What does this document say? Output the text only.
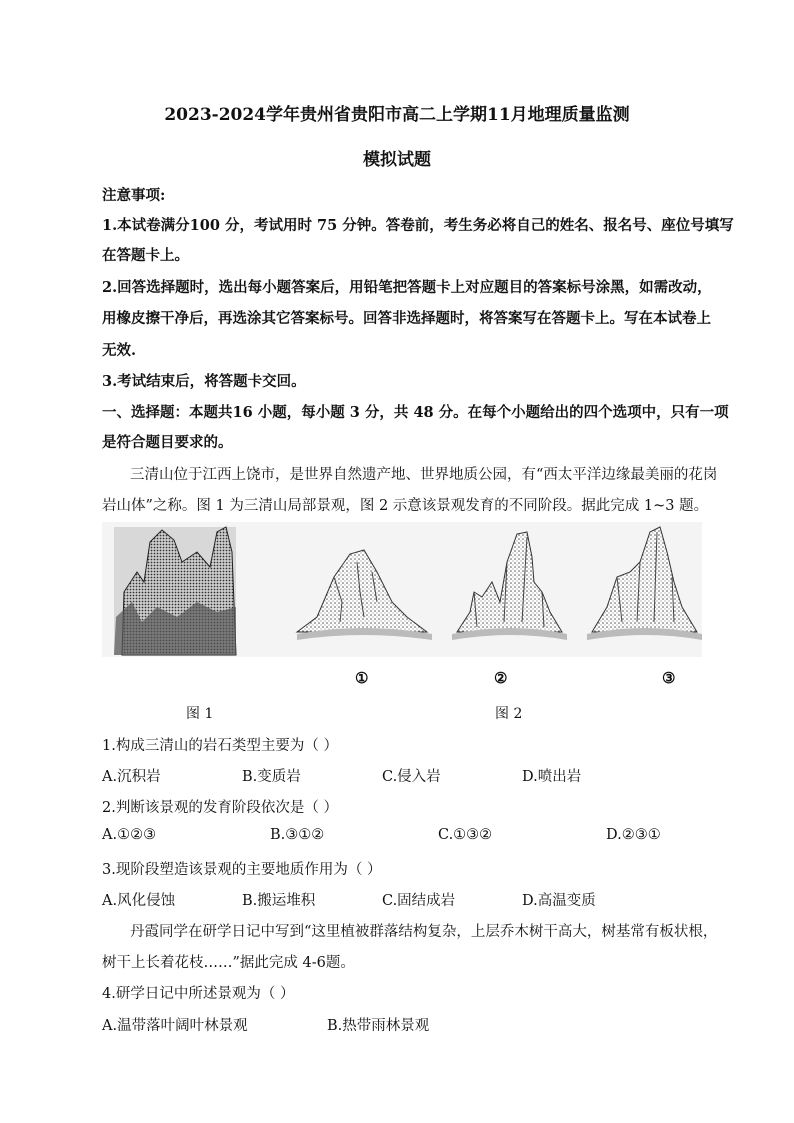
2023-2024学年贵州省贵阳市高二上学期11月地理质量监测
模拟试题
注意事项:
1.本试卷满分100 分，考试用时 75 分钟。答卷前，考生务必将自己的姓名、报名号、座位号填写
在答题卡上。
2.回答选择题时，选出每小题答案后，用铅笔把答题卡上对应题目的答案标号涂黑，如需改动，
用橡皮擦干净后，再选涂其它答案标号。回答非选择题时，将答案写在答题卡上。写在本试卷上
无效.
3.考试结束后，将答题卡交回。
一、选择题：本题共16 小题，每小题 3 分，共 48 分。在每个小题给出的四个选项中，只有一项
是符合题目要求的。
三清山位于江西上饶市，是世界自然遗产地、世界地质公园，有“西太平洋边缘最美丽的花岗
岩山体”之称。图 1 为三清山局部景观，图 2 示意该景观发育的不同阶段。据此完成 1~3 题。
①	②	③
图 1	图 2
1.构成三清山的岩石类型主要为（ ）
A.沉积岩	B.变质岩	C.侵入岩	D.喷出岩
2.判断该景观的发育阶段依次是（ ）
A.①②③	B.③①②	C.①③②	D.②③①
3.现阶段塑造该景观的主要地质作用为（ ）
A.风化侵蚀	B.搬运堆积	C.固结成岩	D.高温变质
丹霞同学在研学日记中写到“这里植被群落结构复杂，上层乔木树干高大，树基常有板状根，
树干上长着花枝……”据此完成 4-6题。
4.研学日记中所述景观为（ ）
A.温带落叶阔叶林景观	B.热带雨林景观
